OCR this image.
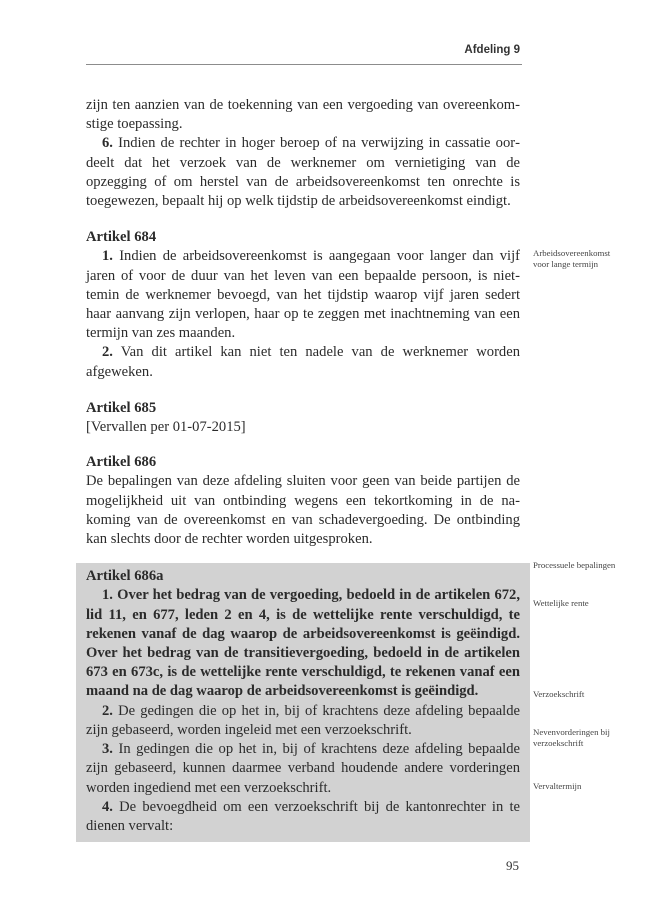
Afdeling 9

zijn ten aanzien van de toekenning van een vergoeding van overeenkomstige toepassing.

6. Indien de rechter in hoger beroep of na verwijzing in cassatie oordeelt dat het verzoek van de werknemer om vernietiging van de opzegging of om herstel van de arbeidsovereenkomst ten onrechte is toegewezen, bepaalt hij op welk tijdstip de arbeidsovereenkomst eindigt.

Artikel 684

1. Indien de arbeidsovereenkomst is aangegaan voor langer dan vijf jaren of voor de duur van het leven van een bepaalde persoon, is niettemin de werknemer bevoegd, van het tijdstip waarop vijf jaren sedert haar aanvang zijn verlopen, haar op te zeggen met inachtneming van een termijn van zes maanden.

2. Van dit artikel kan niet ten nadele van de werknemer worden afgeweken.

Artikel 685

[Vervallen per 01-07-2015]

Artikel 686

De bepalingen van deze afdeling sluiten voor geen van beide partijen de mogelijkheid uit van ontbinding wegens een tekortkoming in de nakoming van de overeenkomst en van schadevergoeding. De ontbinding kan slechts door de rechter worden uitgesproken.

Artikel 686a

1. Over het bedrag van de vergoeding, bedoeld in de artikelen 672, lid 11, en 677, leden 2 en 4, is de wettelijke rente verschuldigd, te rekenen vanaf de dag waarop de arbeidsovereenkomst is geëindigd. Over het bedrag van de transitievergoeding, bedoeld in de artikelen 673 en 673c, is de wettelijke rente verschuldigd, te rekenen vanaf een maand na de dag waarop de arbeidsovereenkomst is geëindigd.

2. De gedingen die op het in, bij of krachtens deze afdeling bepaalde zijn gebaseerd, worden ingeleid met een verzoekschrift.

3. In gedingen die op het in, bij of krachtens deze afdeling bepaalde zijn gebaseerd, kunnen daarmee verband houdende andere vorderingen worden ingediend met een verzoekschrift.

4. De bevoegdheid om een verzoekschrift bij de kantonrechter in te dienen vervalt:

Arbeidsovereenkomst voor lange termijn
Processuele bepalingen
Wettelijke rente
Verzoekschrift
Nevenvorderingen bij verzoekschrift
Vervaltermijn
95
